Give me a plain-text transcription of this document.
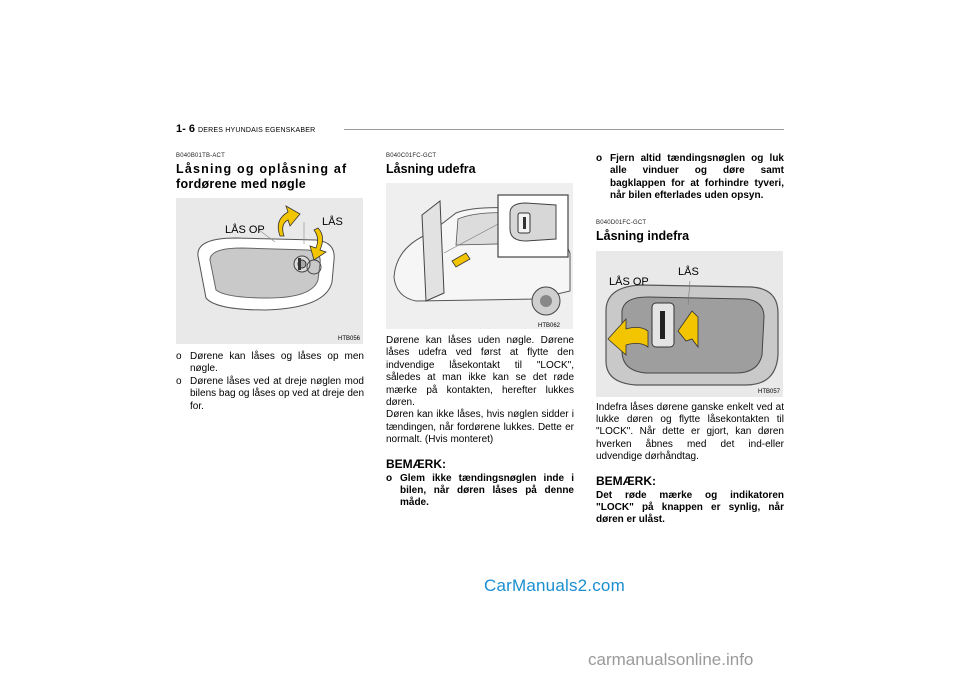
1- 6 DERES HYUNDAIS EGENSKABER
B040B01TB-ACT
Låsning og oplåsning af
fordørene med nøgle
LÅS OP
LÅS
HTB056
o Dørene kan låses og låses op men nøgle.
o Dørene låses ved at dreje nøglen mod bilens bag og låses op ved at dreje den for.
B040C01FC-GCT
Låsning udefra
HTB062

Dørene kan låses uden nøgle. Dørene låses udefra ved først at flytte den indvendige låsekontakt til "LOCK", således at man ikke kan se det røde mærke på kontakten, herefter lukkes døren.

Døren kan ikke låses, hvis nøglen sidder i tændingen, når fordørene lukkes. Dette er normalt. (Hvis monteret)

BEMÆRK:
o Glem ikke tændingsnøglen inde i bilen, når døren låses på denne måde.
o Fjern altid tændingsnøglen og luk alle vinduer og døre samt bagklappen for at forhindre tyveri, når bilen efterlades uden opsyn.
B040D01FC-GCT
Låsning indefra
LÅS OP
LÅS
HTB057

Indefra låses dørene ganske enkelt ved at lukke døren og flytte låsekontakten til "LOCK". Når dette er gjort, kan døren hverken åbnes med det ind-eller udvendige dørhåndtag.

BEMÆRK:

Det røde mærke og indikatoren "LOCK" på knappen er synlig, når døren er ulåst.

CarManuals2.com
carmanualsonline.info
